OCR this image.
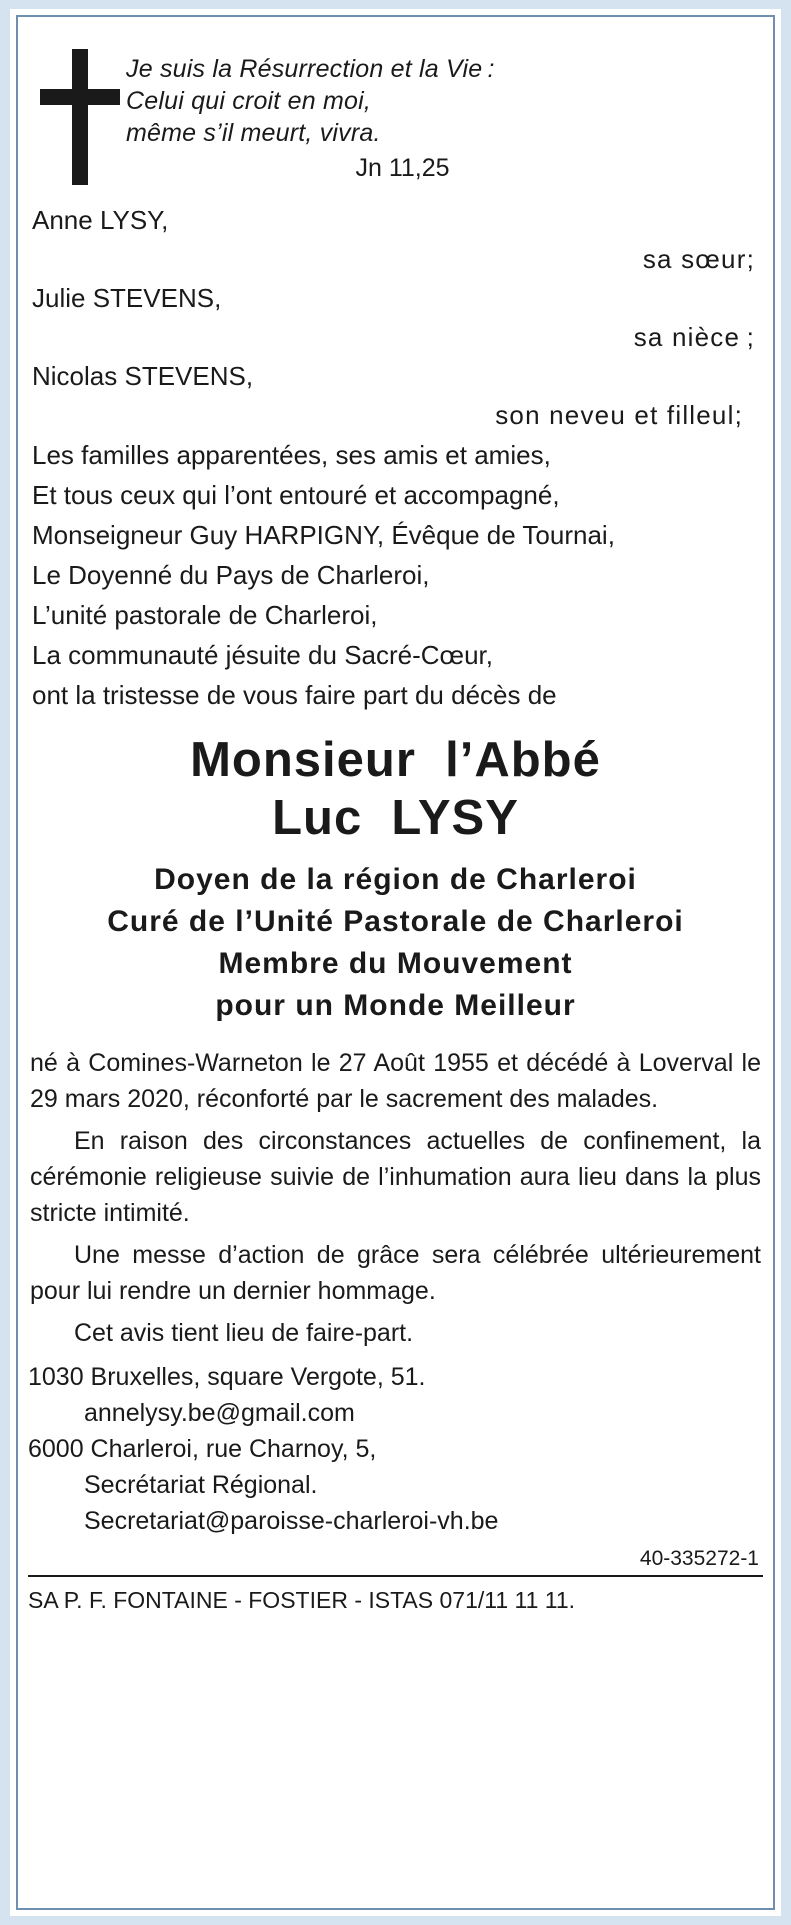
Je suis la Résurrection et la Vie :
Celui qui croit en moi,
même s’il meurt, vivra.
Jn 11,25
Anne LYSY,
sa sœur;
Julie STEVENS,
sa nièce ;
Nicolas STEVENS,
son neveu et filleul;
Les familles apparentées, ses amis et amies,
Et tous ceux qui l’ont entouré et accompagné,
Monseigneur Guy HARPIGNY, Évêque de Tournai,
Le Doyenné du Pays de Charleroi,
L’unité pastorale de Charleroi,
La communauté jésuite du Sacré-Cœur,
ont la tristesse de vous faire part du décès de
Monsieur  l’Abbé
Luc  LYSY
Doyen de la région de Charleroi
Curé de l’Unité Pastorale de Charleroi
Membre du Mouvement
pour un Monde Meilleur

né à Comines-Warneton le 27 Août 1955 et décédé à Loverval le 29 mars 2020, réconforté par le sacrement des malades.

En raison des circonstances actuelles de confinement, la cérémonie religieuse suivie de l’inhumation aura lieu dans la plus stricte intimité.

Une messe d’action de grâce sera célébrée ultérieurement pour lui rendre un dernier hommage.

Cet avis tient lieu de faire-part.

1030 Bruxelles, square Vergote, 51.
annelysy.be@gmail.com
6000 Charleroi, rue Charnoy, 5,
Secrétariat Régional.
Secretariat@paroisse-charleroi-vh.be
40-335272-1
SA P. F. FONTAINE - FOSTIER - ISTAS 071/11 11 11.
